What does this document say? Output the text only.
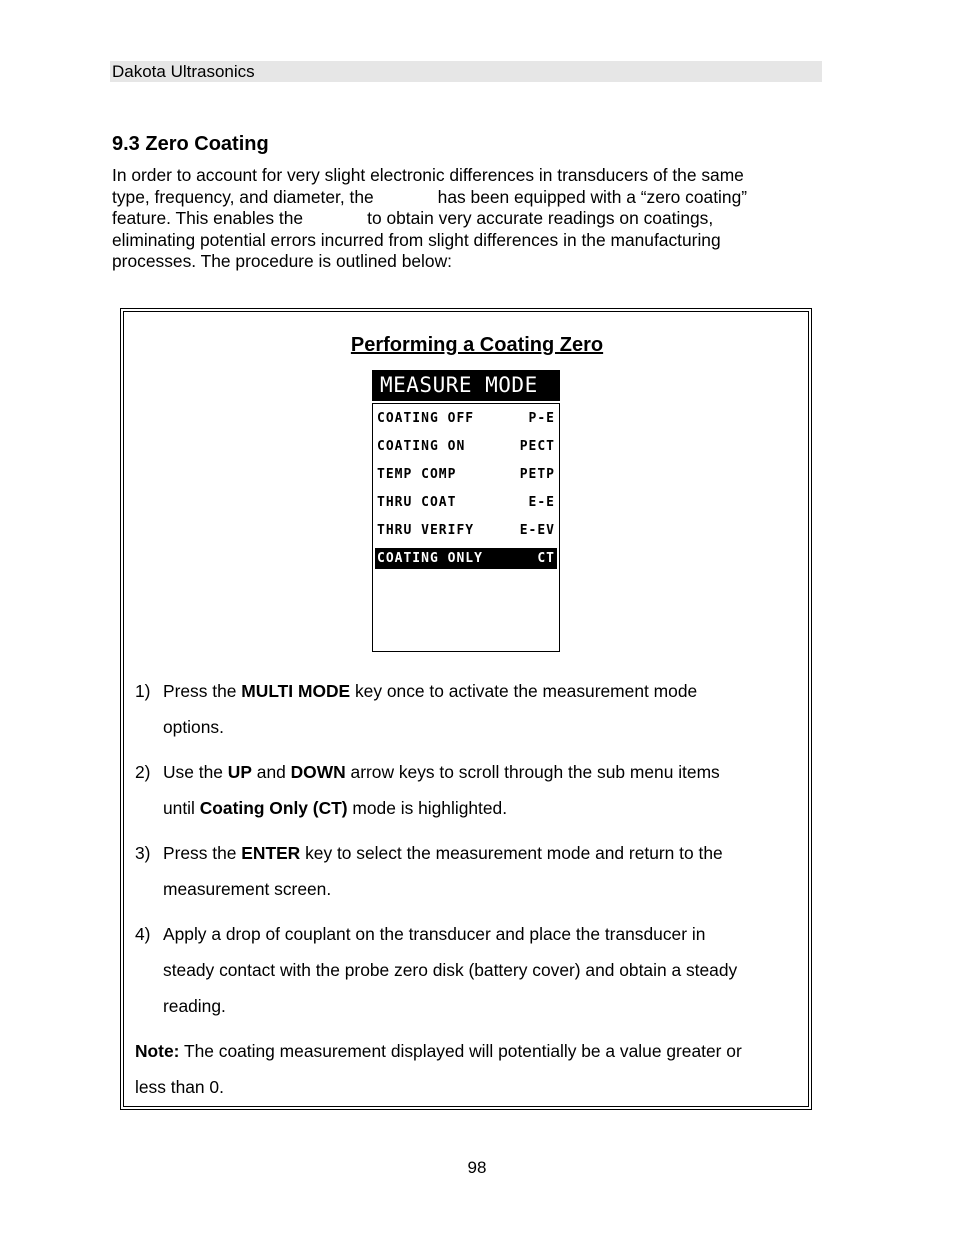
Dakota Ultrasonics
9.3 Zero Coating

In order to account for very slight electronic differences in transducers of the same

type, frequency, and diameter, the	has been equipped with a “zero coating”

feature. This enables the	to obtain very accurate readings on coatings,

eliminating potential errors incurred from slight differences in the manufacturing

processes. The procedure is outlined below:

Performing a Coating Zero
MEASURE MODE
COATING OFF	P-E
COATING ON	PECT
TEMP COMP	PETP
THRU COAT	E-E
THRU VERIFY	E-EV
COATING ONLY	CT
1) Press the MULTI MODE key once to activate the measurement mode
options.
2) Use the UP and DOWN arrow keys to scroll through the sub menu items
until Coating Only (CT) mode is highlighted.
3) Press the ENTER key to select the measurement mode and return to the
measurement screen.
4) Apply a drop of couplant on the transducer and place the transducer in
steady contact with the probe zero disk (battery cover) and obtain a steady
reading.
Note: The coating measurement displayed will potentially be a value greater or
less than 0.
98
